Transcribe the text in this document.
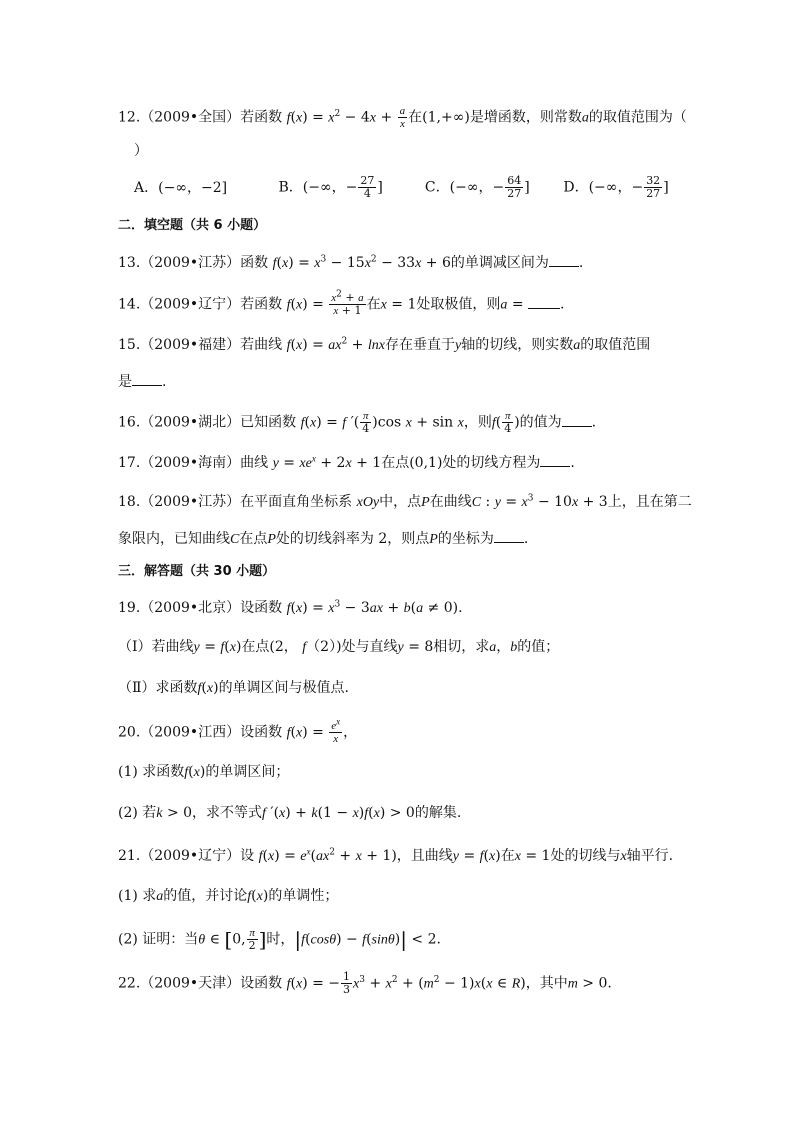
12.（2009•全国）若函数 $f(x) = x^2 - 4x + \frac{a}{x}$ 在(1,+∞)是增函数，则常数a的取值范围为（
）
A．(−∞，−2]	B．(−∞，− $\frac{27}{4}$ ]	C．(−∞，− $\frac{64}{27}$ ] D．(−∞，− $\frac{32}{27}$ ]
二．填空题（共 6 小题）
13.（2009•江苏）函数 $f(x) = x^3 - 15x^2 - 33x + 6$的单调减区间为 .
14.（2009•辽宁）若函数 $f(x) = \frac{x^2 + a}{x + 1}$ 在x = 1处取极值，则a = .
15.（2009•福建）若曲线 $f(x) = ax^2 + \ln x$存在垂直于y轴的切线，则实数a的取值范围
是 .
16.（2009•湖北）已知函数 f(x) = f ′( $\frac{\pi}{4} )\cos$ x + sin x，则$f( \frac{\pi}{4}$ )的值为 .
17.（2009•海南）曲线 $y = xe^x + 2x + 1$在点(0,1)处的切线方程为 .
18.（2009•江苏）在平面直角坐标系 xOy中，点P在曲线C : $y = x^3 - 10x + 3$上，且在第二
象限内，已知曲线C在点P处的切线斜率为 2，则点P的坐标为 .
三．解答题（共 30 小题）
19.（2009•北京）设函数 $f(x) = x^3 - 3ax + b(a \ne 0)$.
（Ⅰ）若曲线y = f(x)在点(2， f（2）)处与直线y = 8相切，求a，b的值；
（Ⅱ）求函数f(x)的单调区间与极值点.
20.（2009•江西）设函数 $f(x) = \frac{e^x}{x}$ ，
(1) 求函数f(x)的单调区间；
(2) 若k > 0，求不等式f ′(x) + k(1 − x)f(x) > 0的解集.
21.（2009•辽宁）设 $f(x) = e^x(ax^2 + x + 1)$，且曲线y = f(x)在x = 1处的切线与x轴平行.
(1) 求a的值，并讨论f(x)的单调性；
(2) 证明：当θ ∈ [0, $\frac{\pi}{2}$ ]时，|f(cosθ) − f(sinθ)| < 2.
22.（2009•天津）设函数 f(x) = − $\frac{1}{3} x^3 + x^2 + (m^2 - 1)x(x$ ∈ R)，其中m > 0.
